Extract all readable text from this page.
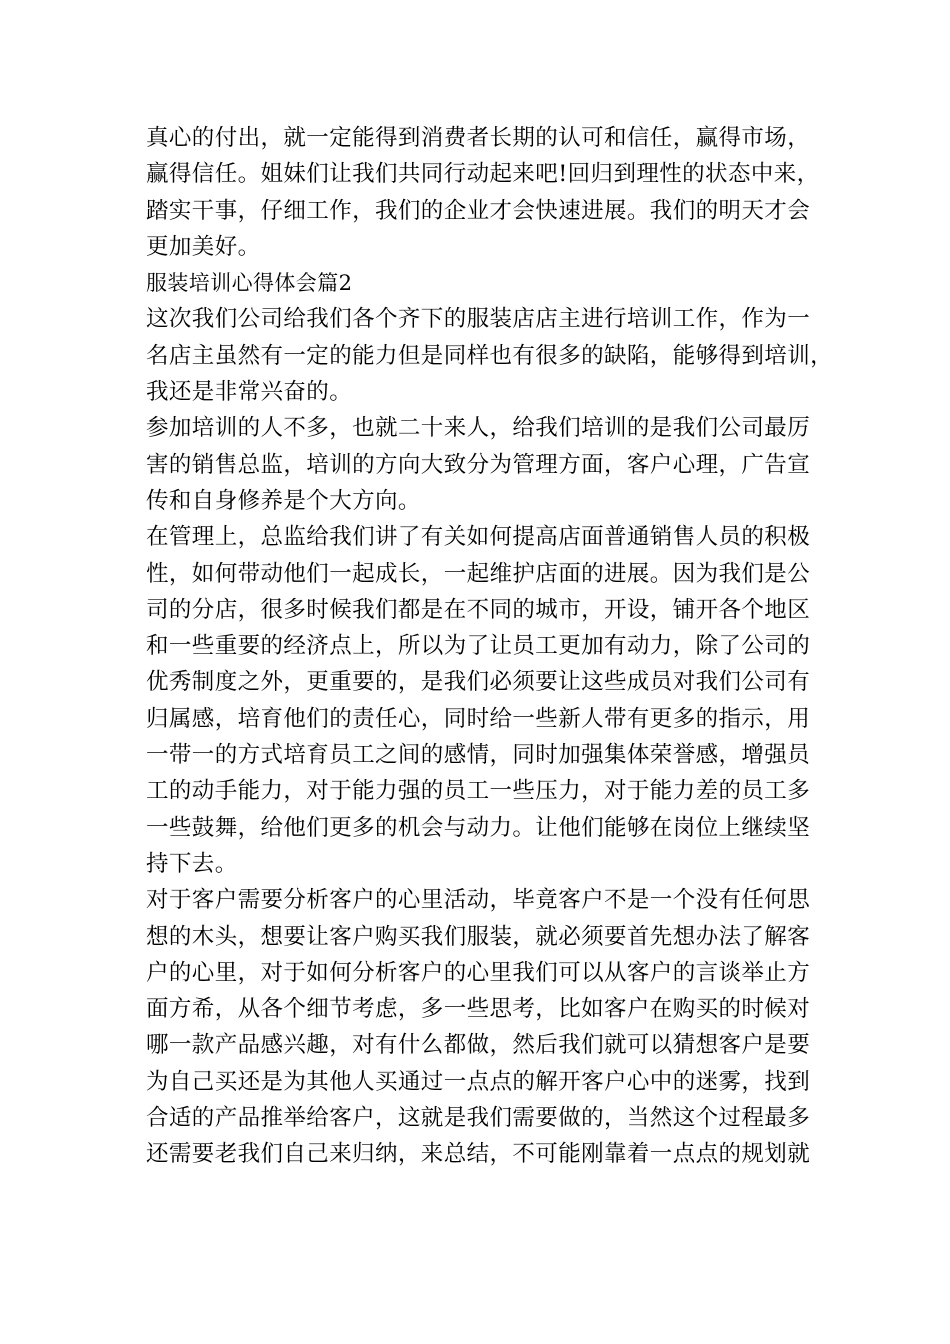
真心的付出，就一定能得到消费者长期的认可和信任，赢得市场，
赢得信任。姐妹们让我们共同行动起来吧!回归到理性的状态中来，
踏实干事，仔细工作，我们的企业才会快速进展。我们的明天才会
更加美好。
服装培训心得体会篇2
这次我们公司给我们各个齐下的服装店店主进行培训工作，作为一
名店主虽然有一定的能力但是同样也有很多的缺陷，能够得到培训，
我还是非常兴奋的。
参加培训的人不多，也就二十来人，给我们培训的是我们公司最厉
害的销售总监，培训的方向大致分为管理方面，客户心理，广告宣
传和自身修养是个大方向。
在管理上，总监给我们讲了有关如何提高店面普通销售人员的积极
性，如何带动他们一起成长，一起维护店面的进展。因为我们是公
司的分店，很多时候我们都是在不同的城市，开设，铺开各个地区
和一些重要的经济点上，所以为了让员工更加有动力，除了公司的
优秀制度之外，更重要的，是我们必须要让这些成员对我们公司有
归属感，培育他们的责任心，同时给一些新人带有更多的指示，用
一带一的方式培育员工之间的感情，同时加强集体荣誉感，增强员
工的动手能力，对于能力强的员工一些压力，对于能力差的员工多
一些鼓舞，给他们更多的机会与动力。让他们能够在岗位上继续坚
持下去。
对于客户需要分析客户的心里活动，毕竟客户不是一个没有任何思
想的木头，想要让客户购买我们服装，就必须要首先想办法了解客
户的心里，对于如何分析客户的心里我们可以从客户的言谈举止方
面方希，从各个细节考虑，多一些思考，比如客户在购买的时候对
哪一款产品感兴趣，对有什么都做，然后我们就可以猜想客户是要
为自己买还是为其他人买通过一点点的解开客户心中的迷雾，找到
合适的产品推举给客户，这就是我们需要做的，当然这个过程最多
还需要老我们自己来归纳，来总结，不可能刚靠着一点点的规划就
